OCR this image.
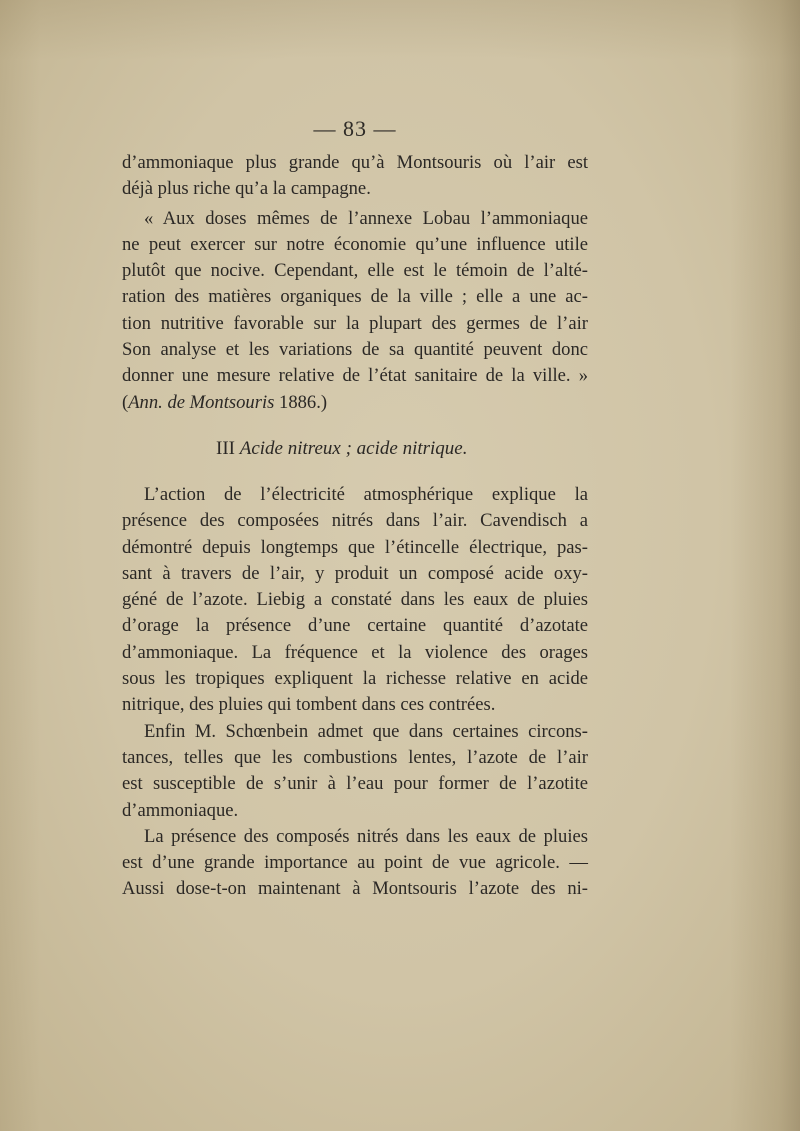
— 83 —
d’ammoniaque plus grande qu’à Montsouris où l’air est
déjà plus riche qu’a la campagne.
« Aux doses mêmes de l’annexe Lobau l’ammoniaque
ne peut exercer sur notre économie qu’une influence utile
plutôt que nocive. Cependant, elle est le témoin de l’alté-
ration des matières organiques de la ville ; elle a une ac-
tion nutritive favorable sur la plupart des germes de l’air
Son analyse et les variations de sa quantité peuvent donc
donner une mesure relative de l’état sanitaire de la ville. »
(Ann. de Montsouris 1886.)
III Acide nitreux ; acide nitrique.
L’action de l’électricité atmosphérique explique la
présence des composées nitrés dans l’air. Cavendisch a
démontré depuis longtemps que l’étincelle électrique, pas-
sant à travers de l’air, y produit un composé acide oxy-
géné de l’azote. Liebig a constaté dans les eaux de pluies
d’orage la présence d’une certaine quantité d’azotate
d’ammoniaque. La fréquence et la violence des orages
sous les tropiques expliquent la richesse relative en acide
nitrique, des pluies qui tombent dans ces contrées.
Enfin M. Schœnbein admet que dans certaines circons-
tances, telles que les combustions lentes, l’azote de l’air
est susceptible de s’unir à l’eau pour former de l’azotite
d’ammoniaque.
La présence des composés nitrés dans les eaux de pluies
est d’une grande importance au point de vue agricole. —
Aussi dose-t-on maintenant à Montsouris l’azote des ni-
